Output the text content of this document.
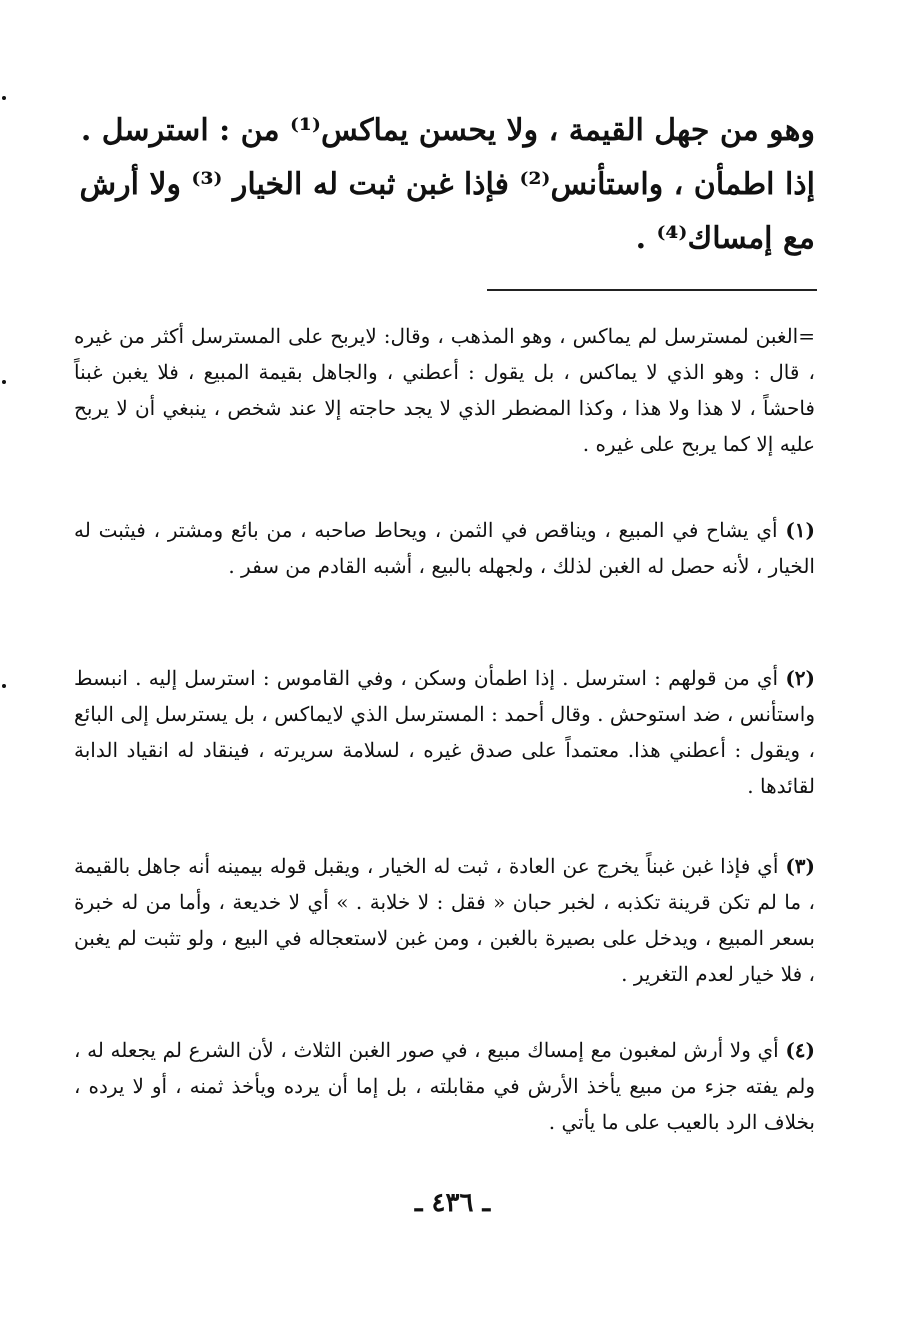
وهو من جهل القيمة ، ولا يحسن يماكس⁽¹⁾ من : استرسل .

إذا اطمأن ، واستأنس⁽²⁾ فإذا غبن ثبت له الخيار ⁽³⁾ ولا أرش

مع إمساك⁽⁴⁾ .

=الغبن لمسترسل لم يماكس ، وهو المذهب ، وقال: لايربح على المسترسل أكثر من غيره ، قال : وهو الذي لا يماكس ، بل يقول : أعطني ، والجاهل بقيمة المبيع ، فلا يغبن غبناً فاحشاً ، لا هذا ولا هذا ، وكذا المضطر الذي لا يجد حاجته إلا عند شخص ، ينبغي أن لا يربح عليه إلا كما يربح على غيره .

(١) أي يشاح في المبيع ، ويناقص في الثمن ، ويحاط صاحبه ، من بائع ومشتر ، فيثبت له الخيار ، لأنه حصل له الغبن لذلك ، ولجهله بالبيع ، أشبه القادم من سفر .

(٢) أي من قولهم : استرسل . إذا اطمأن وسكن ، وفي القاموس : استرسل إليه . انبسط واستأنس ، ضد استوحش . وقال أحمد : المسترسل الذي لايماكس ، بل يسترسل إلى البائع ، ويقول : أعطني هذا. معتمداً على صدق غيره ، لسلامة سريرته ، فينقاد له انقياد الدابة لقائدها .

(٣) أي فإذا غبن غبناً يخرج عن العادة ، ثبت له الخيار ، ويقبل قوله بيمينه أنه جاهل بالقيمة ، ما لم تكن قرينة تكذبه ، لخبر حبان « فقل : لا خلابة . » أي لا خديعة ، وأما من له خبرة بسعر المبيع ، ويدخل على بصيرة بالغبن ، ومن غبن لاستعجاله في البيع ، ولو تثبت لم يغبن ، فلا خيار لعدم التغرير .

(٤) أي ولا أرش لمغبون مع إمساك مبيع ، في صور الغبن الثلاث ، لأن الشرع لم يجعله له ، ولم يفته جزء من مبيع يأخذ الأرش في مقابلته ، بل إما أن يرده ويأخذ ثمنه ، أو لا يرده ، بخلاف الرد بالعيب على ما يأتي .

ـ ٤٣٦ ـ
